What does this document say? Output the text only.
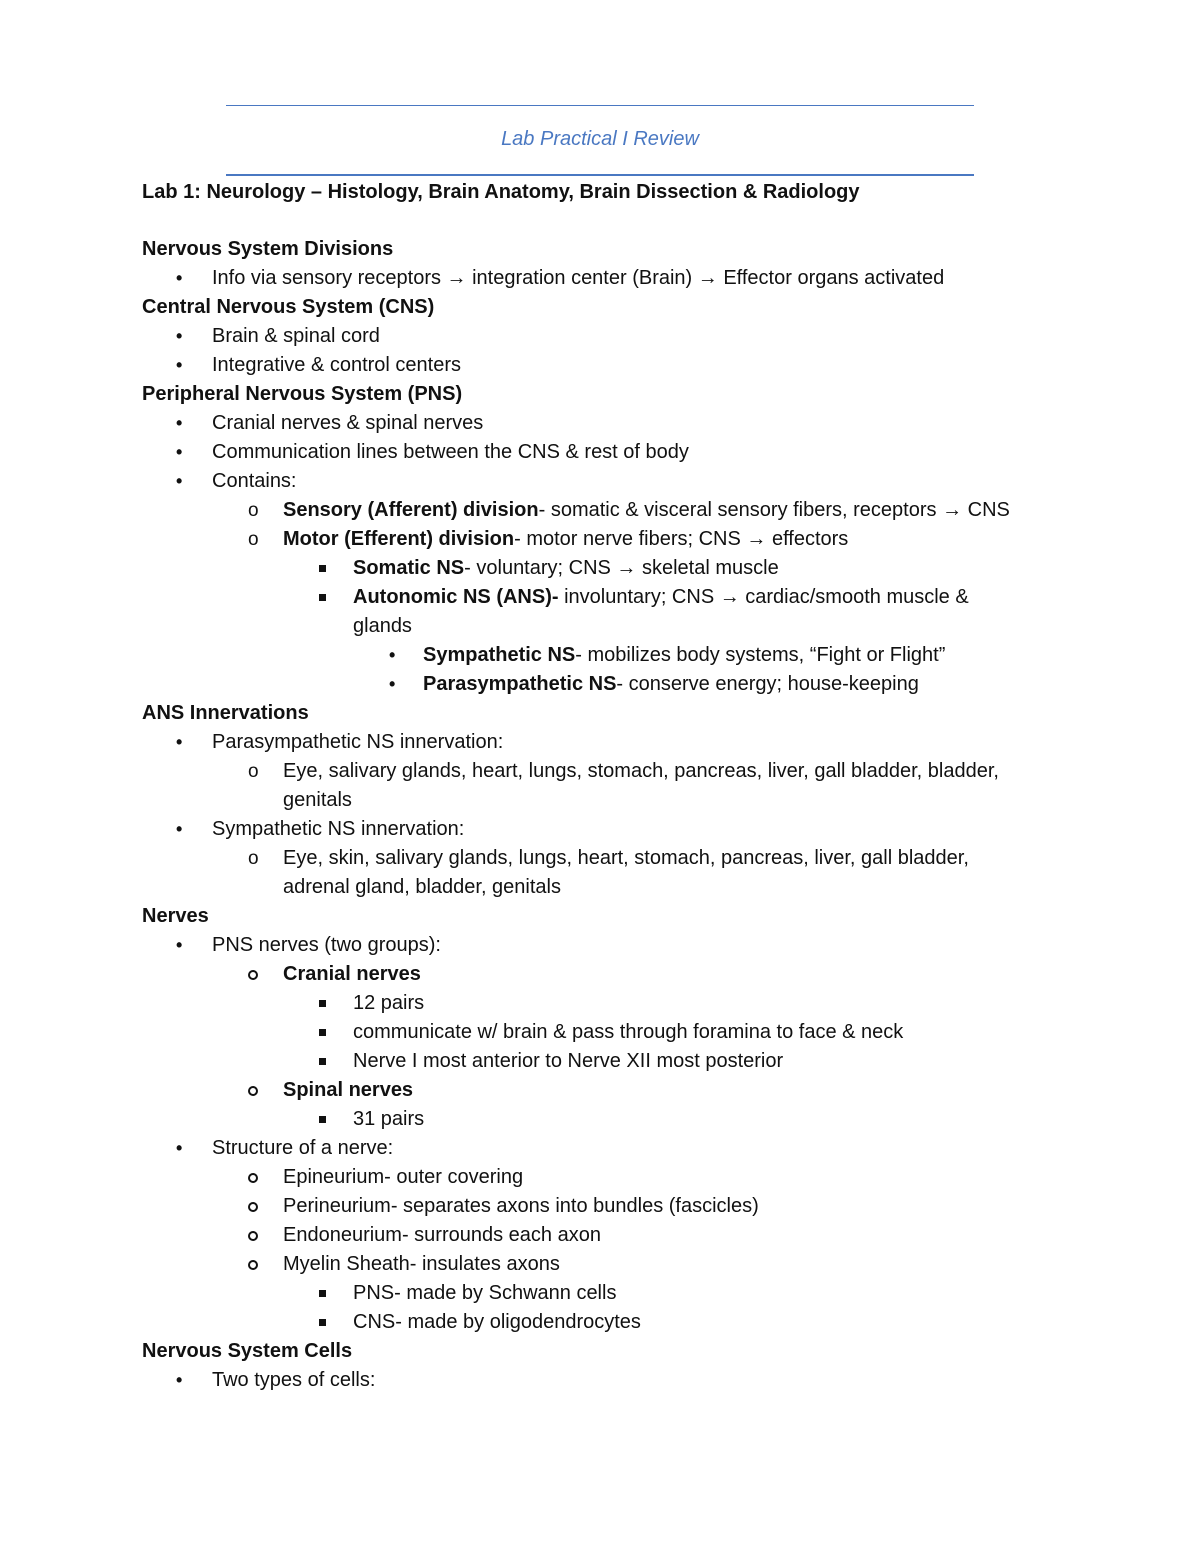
Lab Practical I Review
Lab 1: Neurology – Histology, Brain Anatomy, Brain Dissection & Radiology
Nervous System Divisions
• Info via sensory receptors → integration center (Brain) → Effector organs activated
Central Nervous System (CNS)
• Brain & spinal cord
• Integrative & control centers
Peripheral Nervous System (PNS)
• Cranial nerves & spinal nerves
• Communication lines between the CNS & rest of body
• Contains:
o Sensory (Afferent) division- somatic & visceral sensory fibers, receptors → CNS
o Motor (Efferent) division- motor nerve fibers; CNS → effectors
Somatic NS- voluntary; CNS → skeletal muscle
Autonomic NS (ANS)- involuntary; CNS → cardiac/smooth muscle &
glands
• Sympathetic NS- mobilizes body systems, “Fight or Flight”
• Parasympathetic NS- conserve energy; house-keeping
ANS Innervations
• Parasympathetic NS innervation:
o Eye, salivary glands, heart, lungs, stomach, pancreas, liver, gall bladder, bladder,
genitals
• Sympathetic NS innervation:
o Eye, skin, salivary glands, lungs, heart, stomach, pancreas, liver, gall bladder,
adrenal gland, bladder, genitals
Nerves
• PNS nerves (two groups):
Cranial nerves
12 pairs
communicate w/ brain & pass through foramina to face & neck
Nerve I most anterior to Nerve XII most posterior
Spinal nerves
31 pairs
• Structure of a nerve:
Epineurium- outer covering
Perineurium- separates axons into bundles (fascicles)
Endoneurium- surrounds each axon
Myelin Sheath- insulates axons
PNS- made by Schwann cells
CNS- made by oligodendrocytes
Nervous System Cells
• Two types of cells:
